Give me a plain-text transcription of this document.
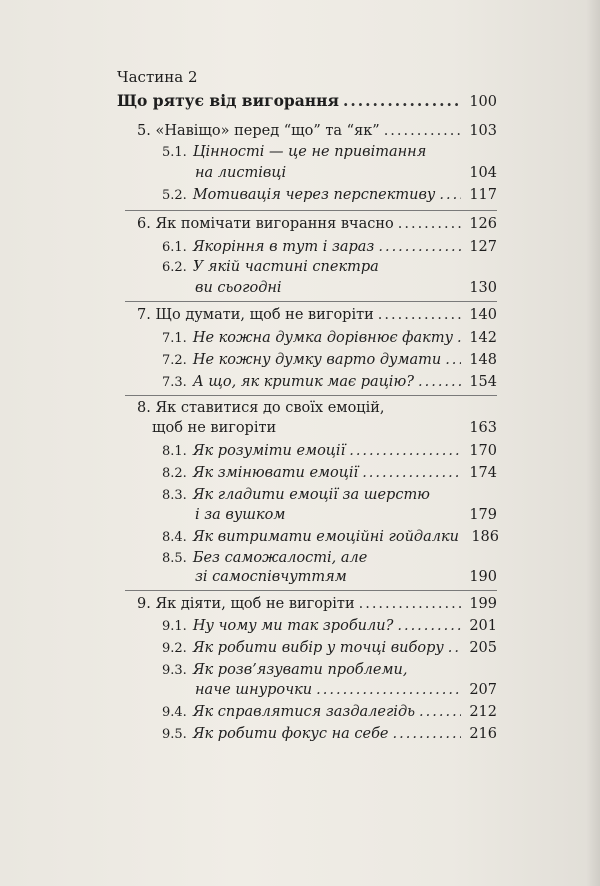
Частина 2
Що рятує від вигорання .....	100
5. «Навіщо» перед “що” та “як” .....	103
5.1. Цінності — це не привітання
на листівці	104
5.2. Мотивація через перспективу ..... 117
6. Як помічати вигорання вчасно .....	126
6.1. Якоріння в тут і зараз .....	127
6.2. У якій частині спектра
ви сьогодні	130
7. Що думати, щоб не вигоріти .....	140
7.1. Не кожна думка дорівнює факту ..... 142
7.2. Не кожну думку варто думати ..... 148
7.3. А що, як критик має рацію? .....	154
8. Як ставитися до своїх емоцій,
щоб не вигоріти	163
8.1. Як розуміти емоції .....	170
8.2. Як змінювати емоції .....	174
8.3. Як гладити емоції за шерстю
і за вушком	179
8.4. Як витримати емоційні гойдалки 186
8.5. Без саможалості, але
зі самоспівчуттям	190
9. Як діяти, щоб не вигоріти .....	199
9.1. Ну чому ми так зробили? .....	201
9.2. Як робити вибір у точці вибору ..... 205
9.3. Як розв’язувати проблеми,
наче шнурочки .....	207
9.4. Як справлятися заздалегідь .....	212
9.5. Як робити фокус на себе .....	216
